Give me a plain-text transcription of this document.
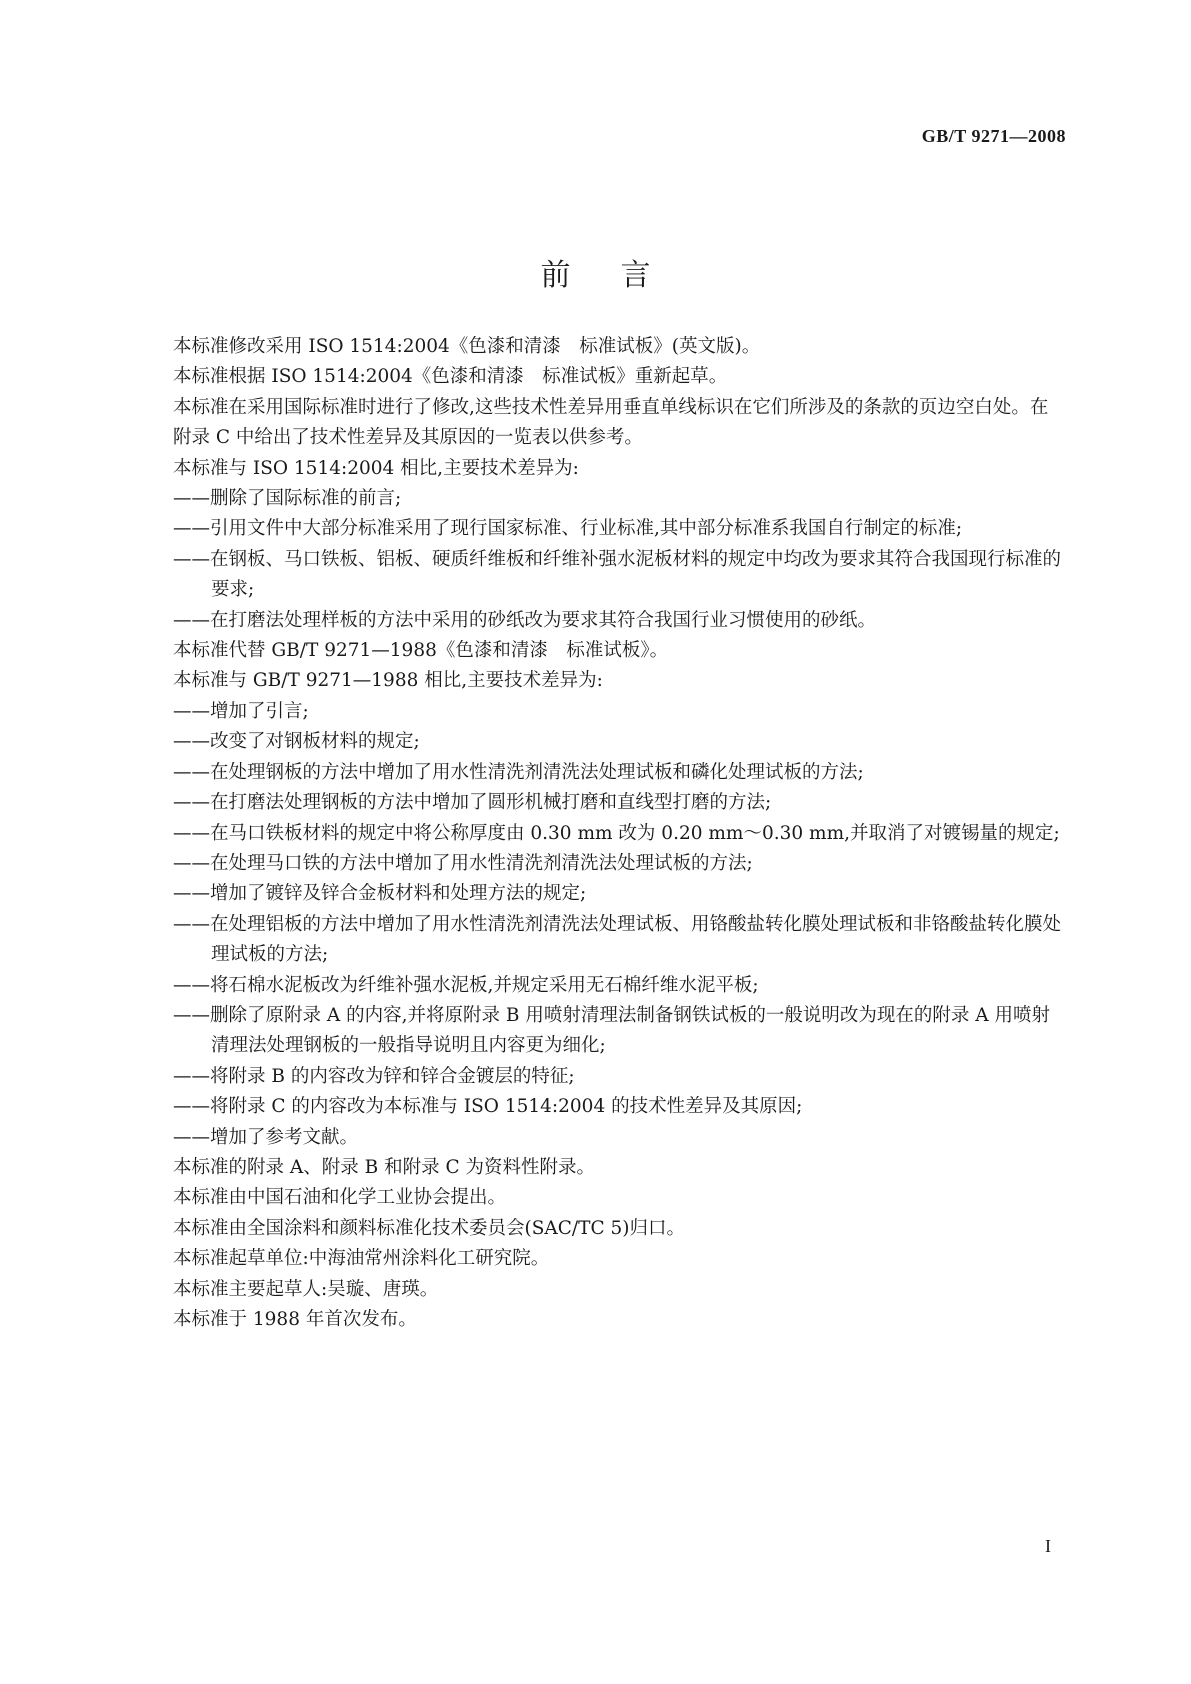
GB/T 9271—2008
前言

本标准修改采用 ISO 1514:2004《色漆和清漆　标准试板》(英文版)。

本标准根据 ISO 1514:2004《色漆和清漆　标准试板》重新起草。

本标准在采用国际标准时进行了修改,这些技术性差异用垂直单线标识在它们所涉及的条款的页边空白处。在附录 C 中给出了技术性差异及其原因的一览表以供参考。

本标准与 ISO 1514:2004 相比,主要技术差异为:

——删除了国际标准的前言;

——引用文件中大部分标准采用了现行国家标准、行业标准,其中部分标准系我国自行制定的标准;

——在钢板、马口铁板、铝板、硬质纤维板和纤维补强水泥板材料的规定中均改为要求其符合我国现行标准的要求;

——在打磨法处理样板的方法中采用的砂纸改为要求其符合我国行业习惯使用的砂纸。

本标准代替 GB/T 9271—1988《色漆和清漆　标准试板》。

本标准与 GB/T 9271—1988 相比,主要技术差异为:

——增加了引言;

——改变了对钢板材料的规定;

——在处理钢板的方法中增加了用水性清洗剂清洗法处理试板和磷化处理试板的方法;

——在打磨法处理钢板的方法中增加了圆形机械打磨和直线型打磨的方法;

——在马口铁板材料的规定中将公称厚度由 0.30 mm 改为 0.20 mm～0.30 mm,并取消了对镀锡量的规定;

——在处理马口铁的方法中增加了用水性清洗剂清洗法处理试板的方法;

——增加了镀锌及锌合金板材料和处理方法的规定;

——在处理铝板的方法中增加了用水性清洗剂清洗法处理试板、用铬酸盐转化膜处理试板和非铬酸盐转化膜处理试板的方法;

——将石棉水泥板改为纤维补强水泥板,并规定采用无石棉纤维水泥平板;

——删除了原附录 A 的内容,并将原附录 B 用喷射清理法制备钢铁试板的一般说明改为现在的附录 A 用喷射清理法处理钢板的一般指导说明且内容更为细化;

——将附录 B 的内容改为锌和锌合金镀层的特征;

——将附录 C 的内容改为本标准与 ISO 1514:2004 的技术性差异及其原因;

——增加了参考文献。

本标准的附录 A、附录 B 和附录 C 为资料性附录。

本标准由中国石油和化学工业协会提出。

本标准由全国涂料和颜料标准化技术委员会(SAC/TC 5)归口。

本标准起草单位:中海油常州涂料化工研究院。

本标准主要起草人:吴璇、唐瑛。

本标准于 1988 年首次发布。

I
